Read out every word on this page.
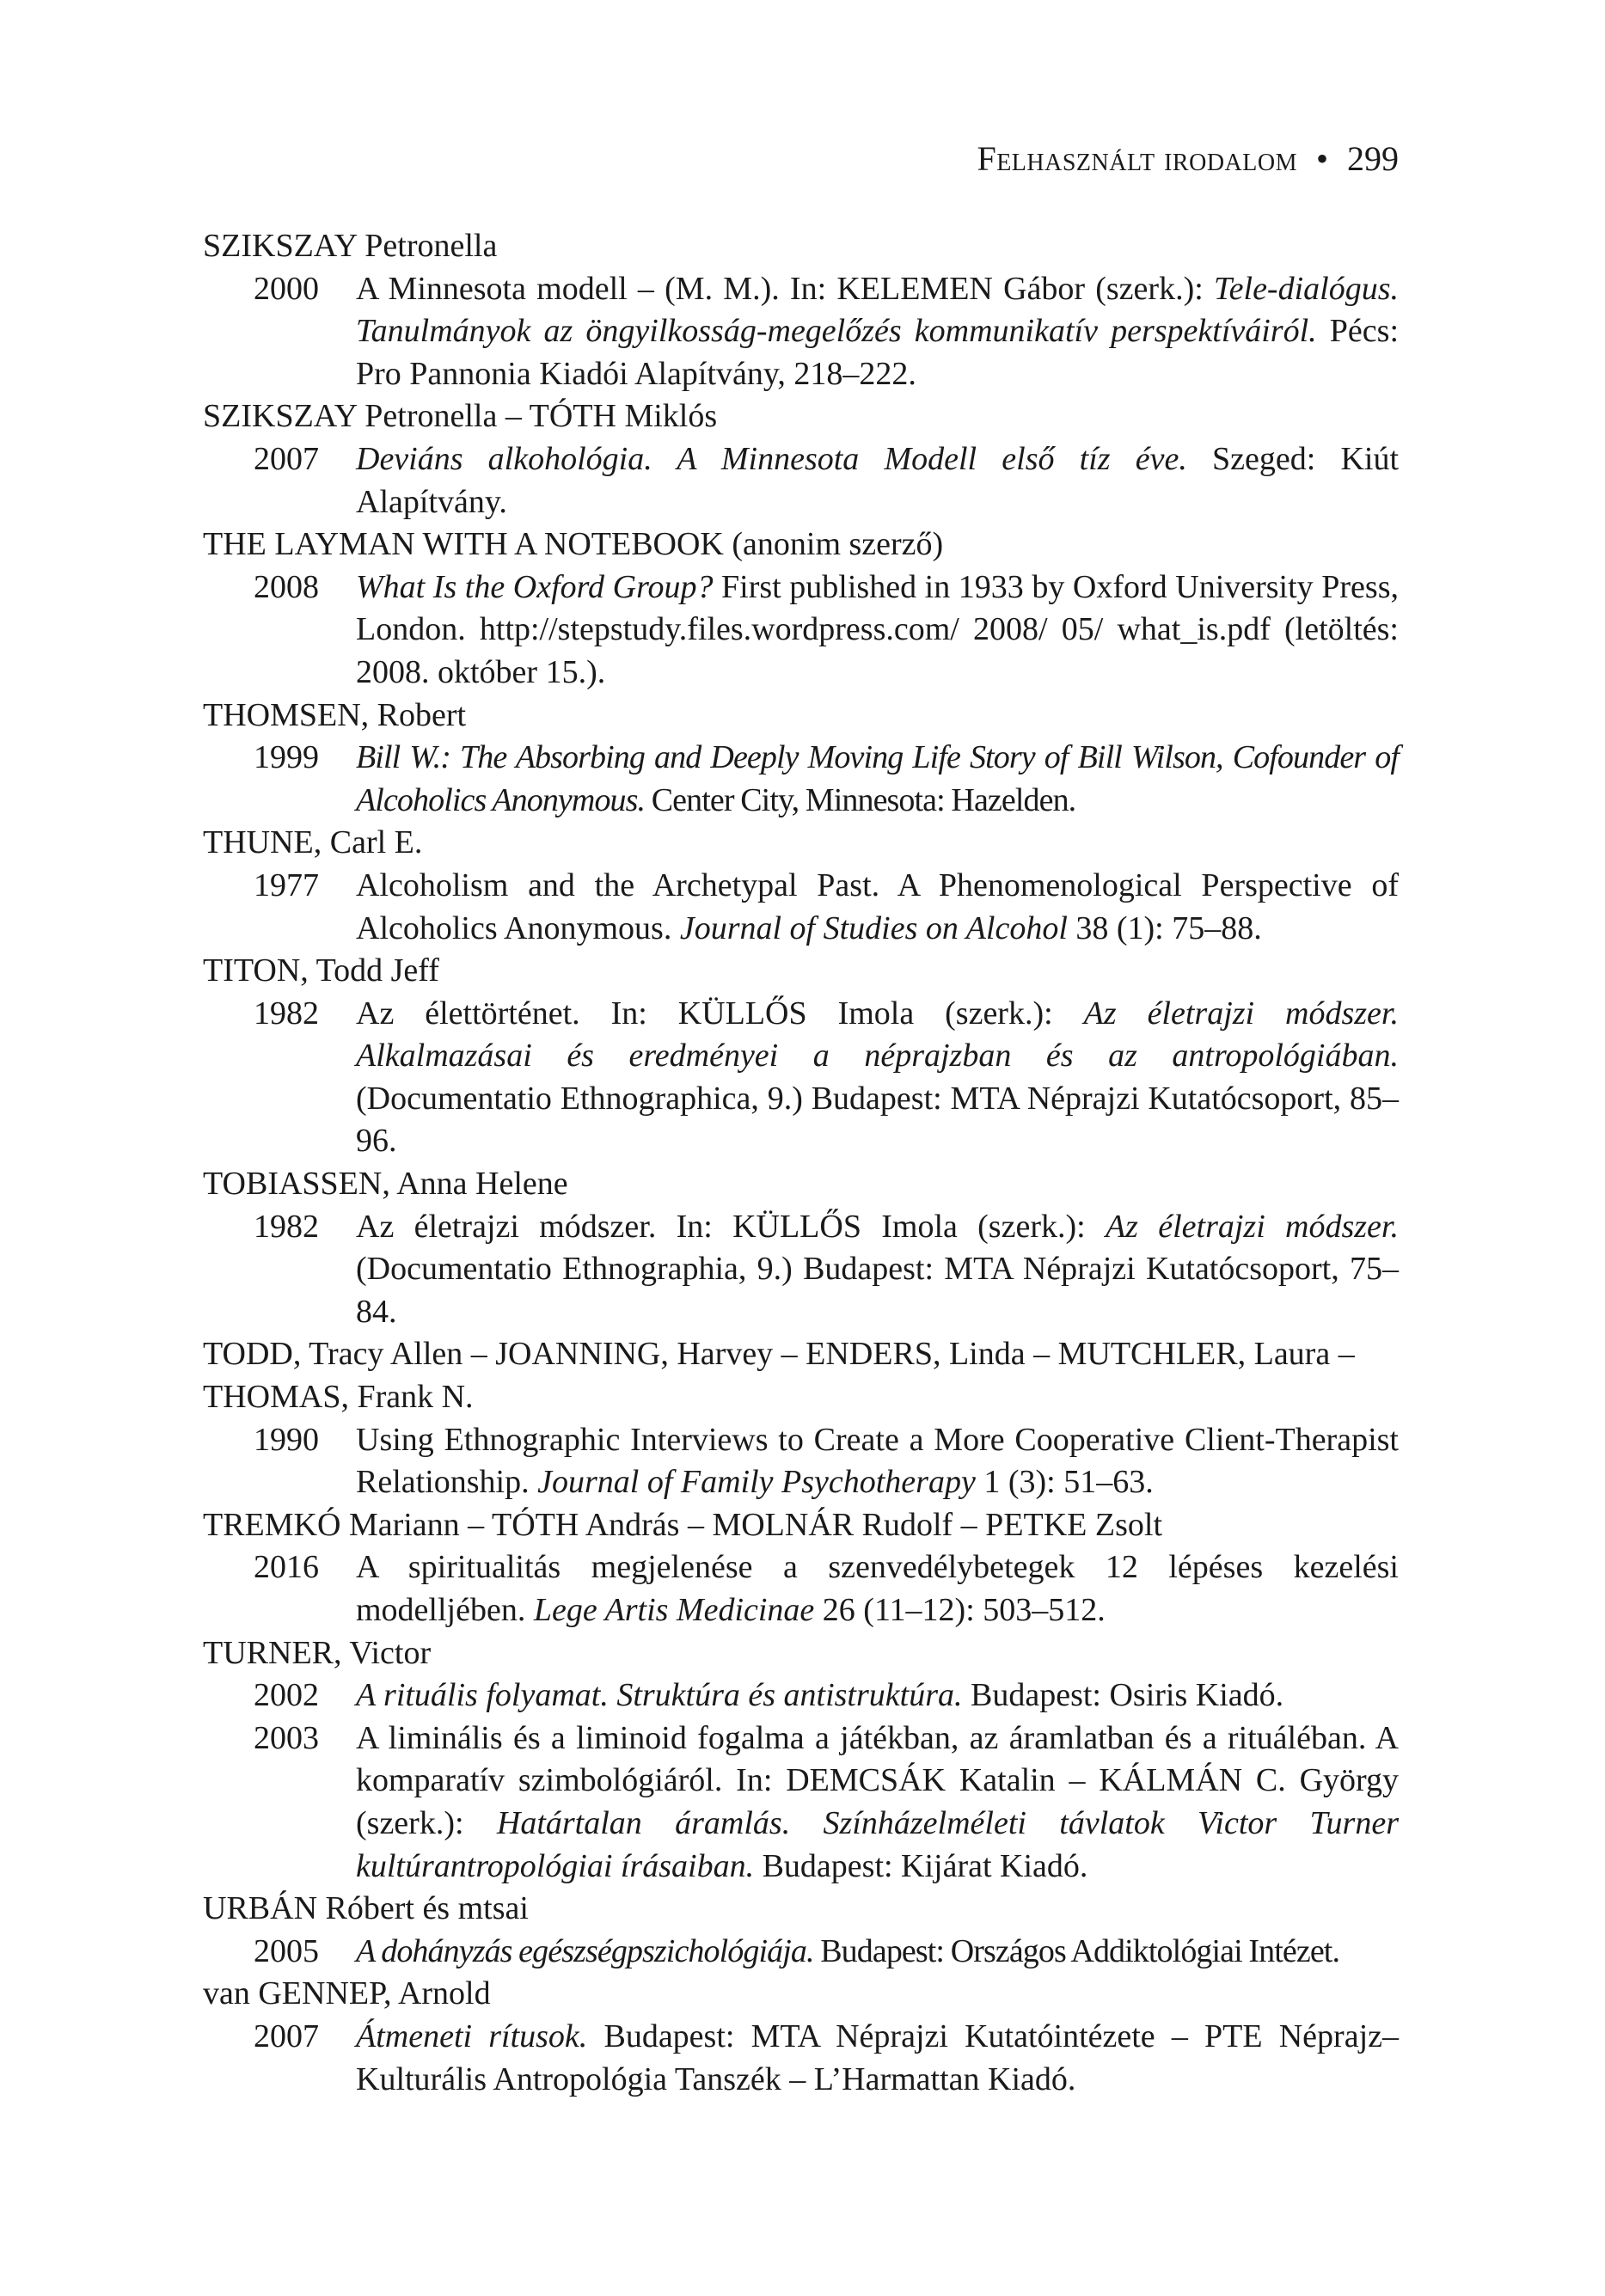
Felhasznált irodalom • 299
SZIKSZAY Petronella
2000	A Minnesota modell – (M. M.). In: KELEMEN Gábor (szerk.): Tele-dialógus. Tanulmányok az öngyilkosság-megelőzés kommunikatív perspektíváiról. Pécs: Pro Pannonia Kiadói Alapítvány, 218–222.
SZIKSZAY Petronella – TÓTH Miklós
2007	Deviáns alkohológia. A Minnesota Modell első tíz éve. Szeged: Kiút Alapítvány.
THE LAYMAN WITH A NOTEBOOK (anonim szerző)
2008	What Is the Oxford Group? First published in 1933 by Oxford University Press, London. http://stepstudy.files.wordpress.com/ 2008/ 05/ what_is.pdf (letöltés: 2008. október 15.).
THOMSEN, Robert
1999	Bill W.: The Absorbing and Deeply Moving Life Story of Bill Wilson, Cofounder of Alcoholics Anonymous. Center City, Minnesota: Hazelden.
THUNE, Carl E.
1977	Alcoholism and the Archetypal Past. A Phenomenological Perspective of Alcoholics Anonymous. Journal of Studies on Alcohol 38 (1): 75–88.
TITON, Todd Jeff
1982	Az élettörténet. In: KÜLLŐS Imola (szerk.): Az életrajzi módszer. Alkalmazásai és eredményei a néprajzban és az antropológiában. (Documentatio Ethnographica, 9.) Budapest: MTA Néprajzi Kutatócsoport, 85–96.
TOBIASSEN, Anna Helene
1982	Az életrajzi módszer. In: KÜLLŐS Imola (szerk.): Az életrajzi módszer. (Documentatio Ethnographia, 9.) Budapest: MTA Néprajzi Kutatócsoport, 75–84.
TODD, Tracy Allen – JOANNING, Harvey – ENDERS, Linda – MUTCHLER, Laura – THOMAS, Frank N.
1990	Using Ethnographic Interviews to Create a More Cooperative Client-Therapist Relationship. Journal of Family Psychotherapy 1 (3): 51–63.
TREMKÓ Mariann – TÓTH András – MOLNÁR Rudolf – PETKE Zsolt
2016	A spiritualitás megjelenése a szenvedélybetegek 12 lépéses kezelési modelljében. Lege Artis Medicinae 26 (11–12): 503–512.
TURNER, Victor
2002	A rituális folyamat. Struktúra és antistruktúra. Budapest: Osiris Kiadó.
2003	A liminális és a liminoid fogalma a játékban, az áramlatban és a rituáléban. A komparatív szimbológiáról. In: DEMCSÁK Katalin – KÁLMÁN C. György (szerk.): Határtalan áramlás. Színházelméleti távlatok Victor Turner kultúrantropológiai írásaiban. Budapest: Kijárat Kiadó.
URBÁN Róbert és mtsai
2005	A dohányzás egészségpszichológiája. Budapest: Országos Addiktológiai Intézet.
van GENNEP, Arnold
2007	Átmeneti rítusok. Budapest: MTA Néprajzi Kutatóintézete – PTE Néprajz–Kulturális Antropológia Tanszék – L’Harmattan Kiadó.
